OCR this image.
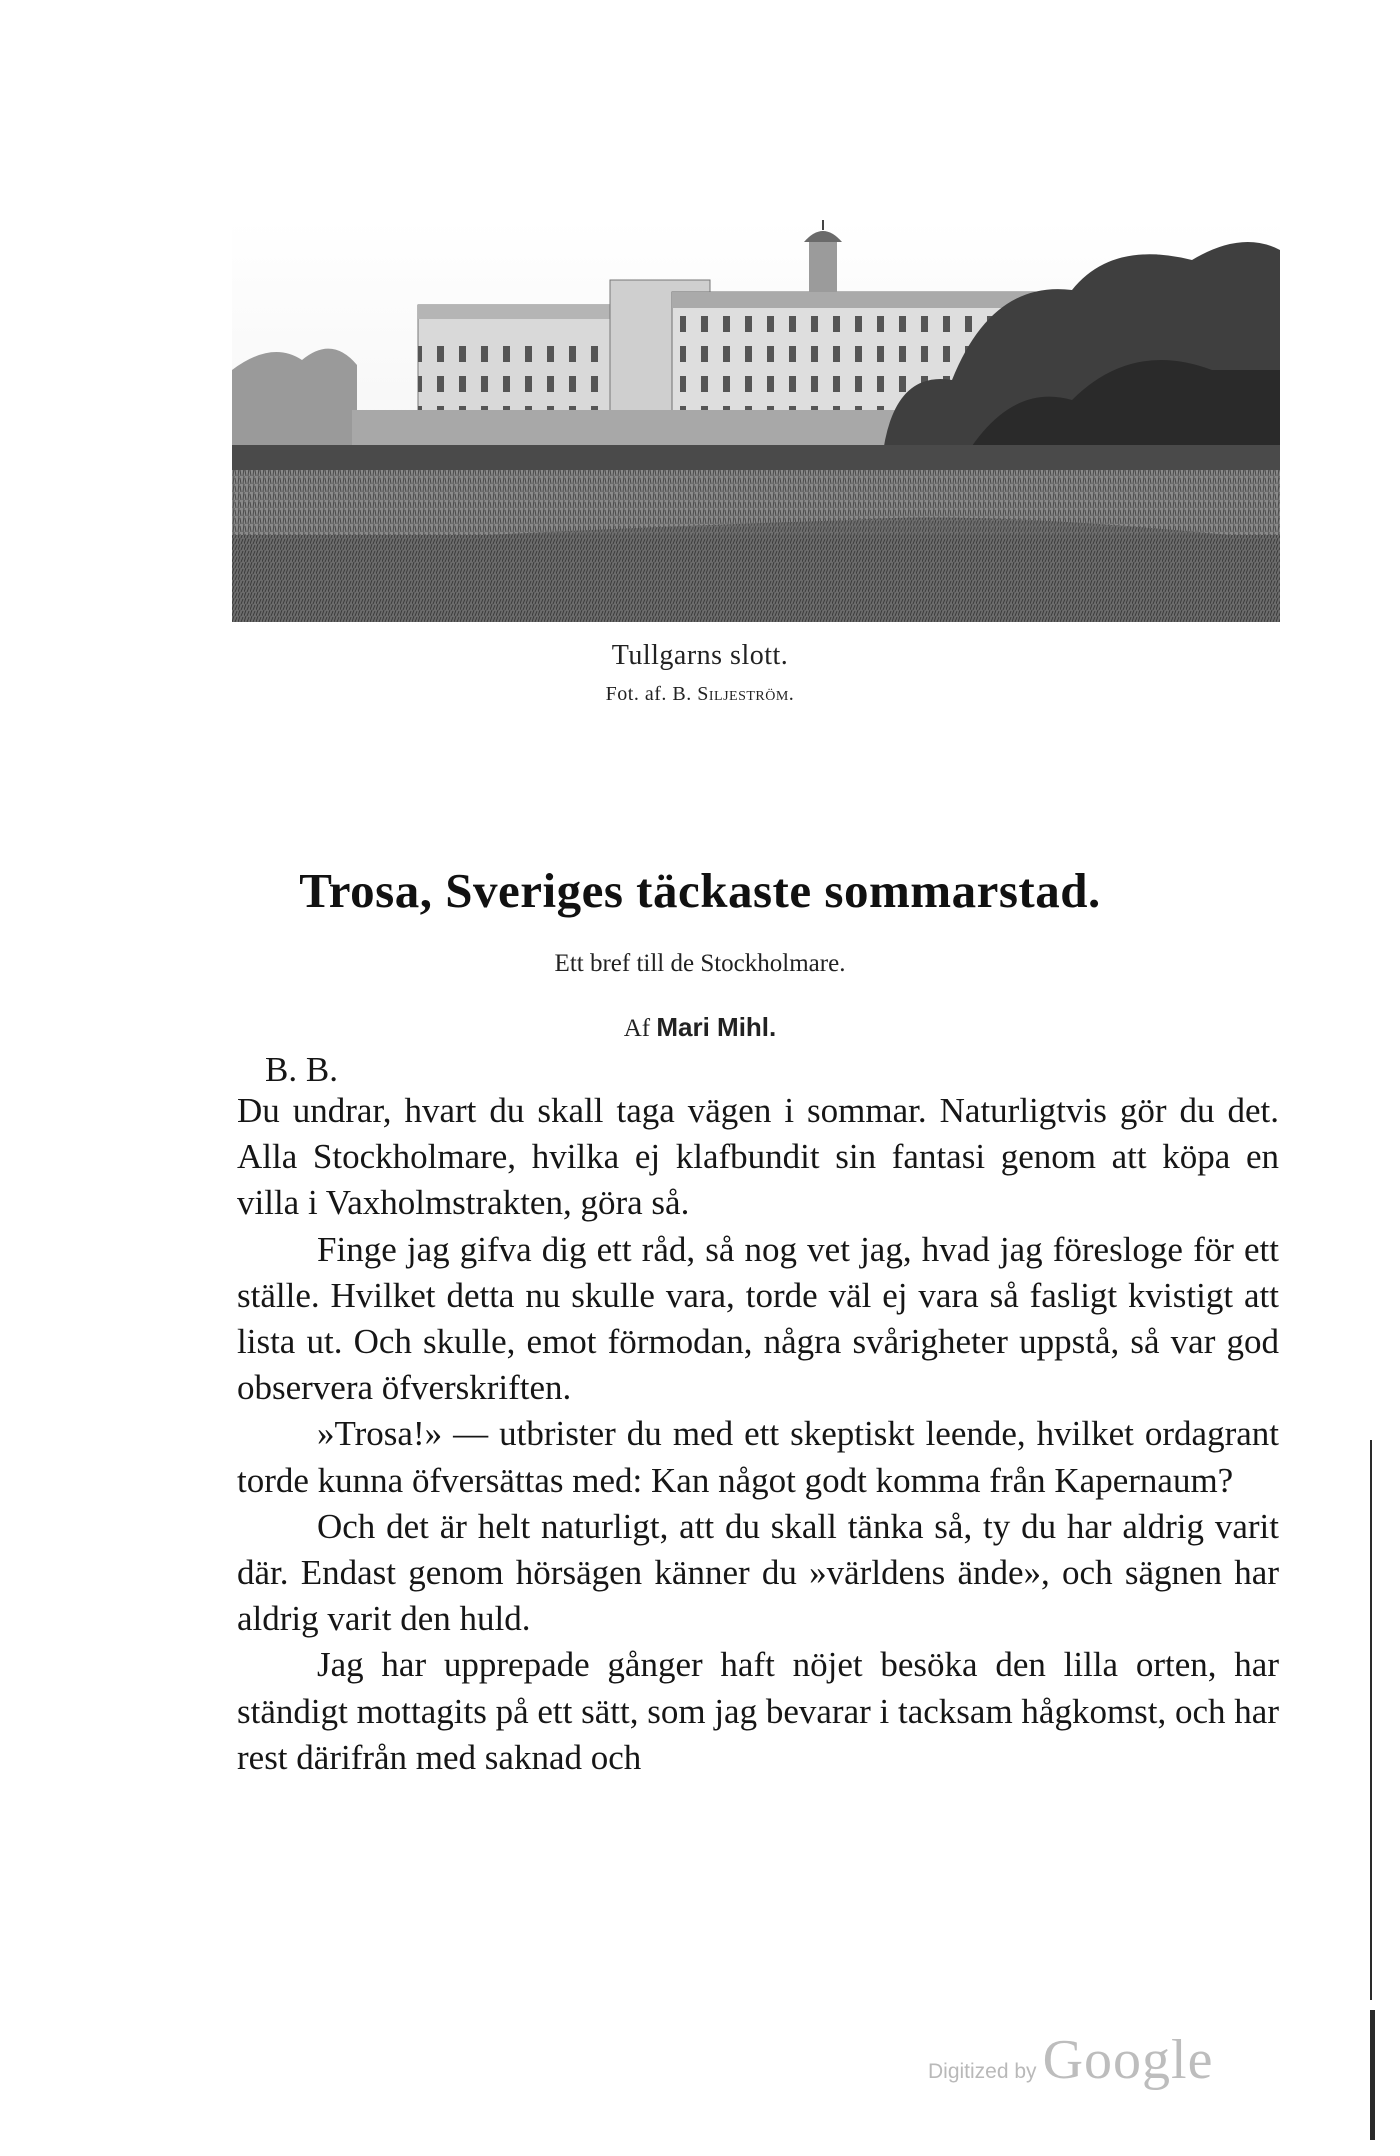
Tullgarns slott.
Fot. af. B. Siljeström.
Trosa, Sveriges täckaste sommarstad.
Ett bref till de Stockholmare.
Af Mari Mihl.
B. B.

Du undrar, hvart du skall taga vägen i sommar. Naturligtvis gör du det. Alla Stockholmare, hvilka ej klafbundit sin fantasi genom att köpa en villa i Vaxholmstrakten, göra så.

Finge jag gifva dig ett råd, så nog vet jag, hvad jag föresloge för ett ställe. Hvilket detta nu skulle vara, torde väl ej vara så fasligt kvistigt att lista ut. Och skulle, emot förmodan, några svårigheter uppstå, så var god observera öfverskriften.

»Trosa!» — utbrister du med ett skeptiskt leende, hvilket ordagrant torde kunna öfversättas med: Kan något godt komma från Kapernaum?

Och det är helt naturligt, att du skall tänka så, ty du har aldrig varit där. Endast genom hörsägen känner du »världens ände», och sägnen har aldrig varit den huld.

Jag har upprepade gånger haft nöjet besöka den lilla orten, har ständigt mottagits på ett sätt, som jag bevarar i tacksam hågkomst, och har rest därifrån med saknad och

Digitized by Google
